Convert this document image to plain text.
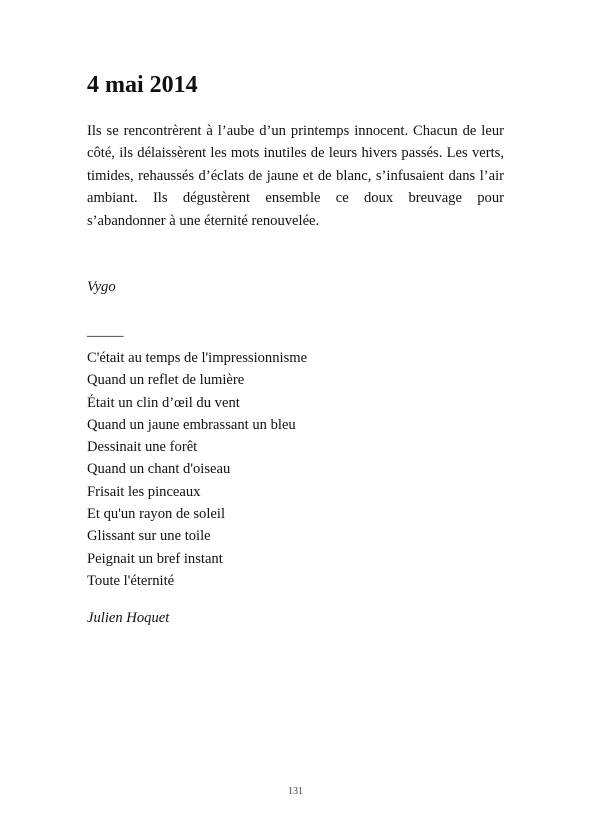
4 mai 2014

Ils se rencontrèrent à l’aube d’un printemps innocent. Chacun de leur côté, ils délaissèrent les mots inutiles de leurs hivers passés. Les verts, timides, rehaussés d’éclats de jaune et de blanc, s’infusaient dans l’air ambiant. Ils dégustèrent ensemble ce doux breuvage pour s’abandonner à une éternité renouvelée.

Vygo

_____

C'était au temps de l'impressionnisme
Quand un reflet de lumière
Était un clin d’œil du vent
Quand un jaune embrassant un bleu
Dessinait une forêt
Quand un chant d'oiseau
Frisait les pinceaux
Et qu'un rayon de soleil
Glissant sur une toile
Peignait un bref instant
Toute l'éternité

Julien Hoquet

131
